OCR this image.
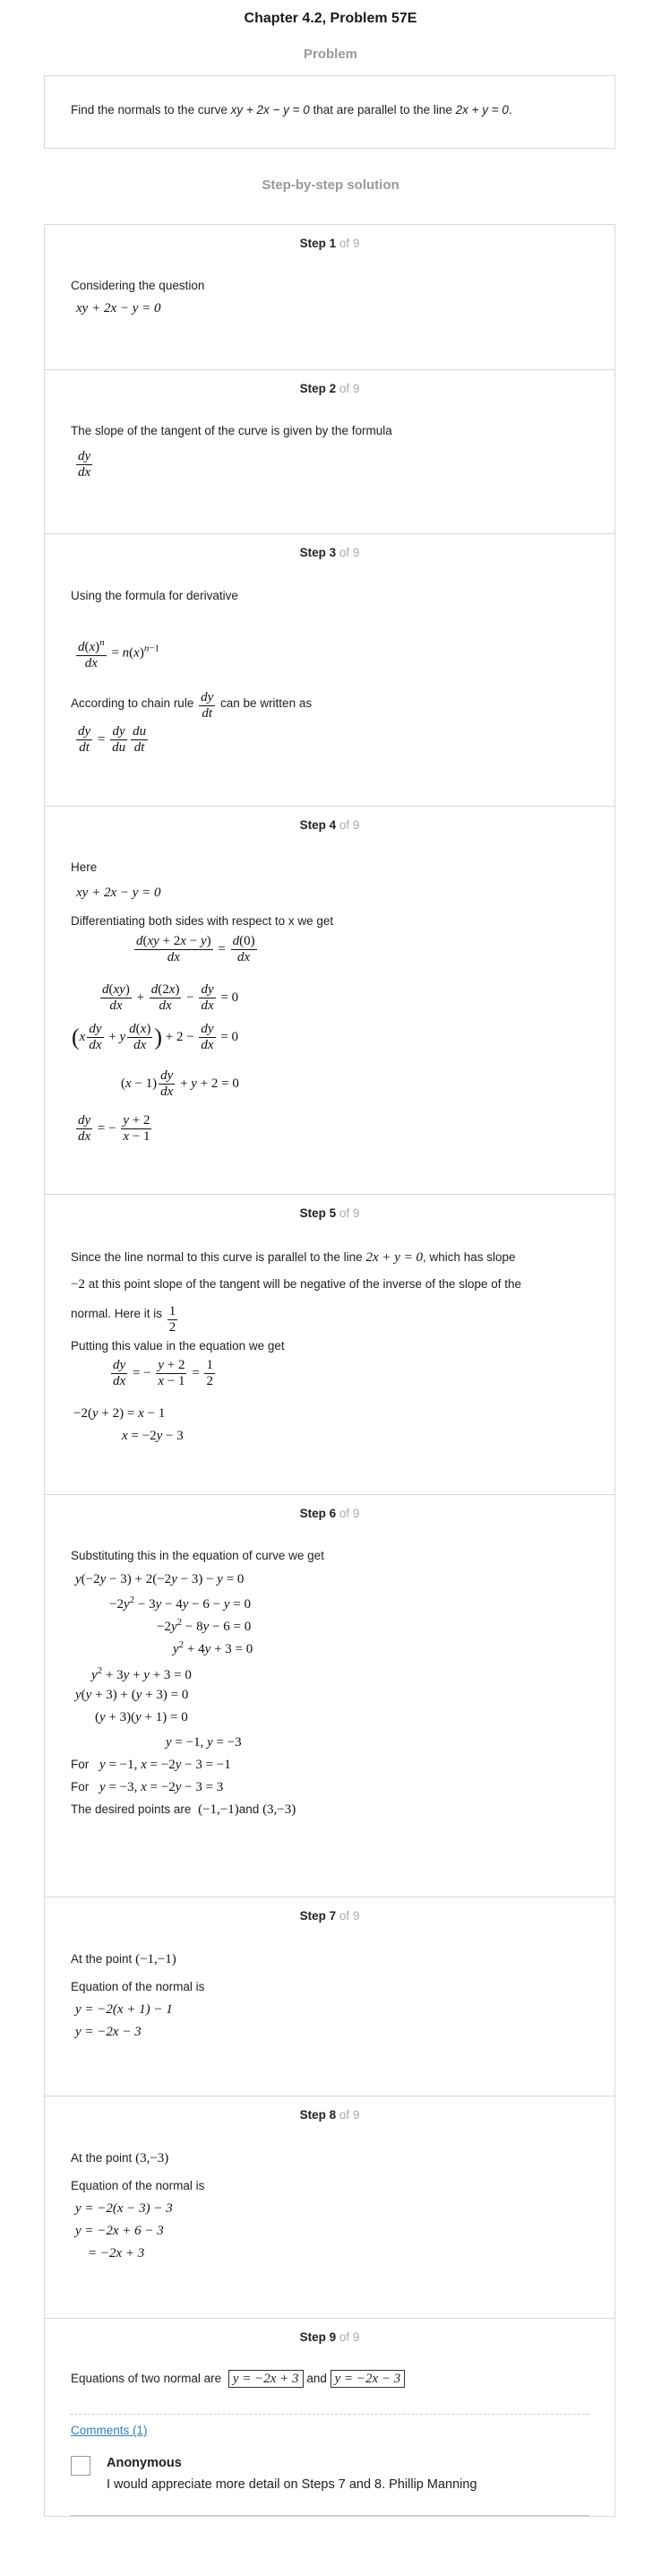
Chapter 4.2, Problem 57E
Problem
Find the normals to the curve xy + 2x − y = 0 that are parallel to the line 2x + y = 0.
Step-by-step solution
Step 1 of 9
Considering the question
xy + 2x − y = 0
Step 2 of 9
The slope of the tangent of the curve is given by the formula
$\frac{dy}{dx}$
Step 3 of 9
Using the formula for derivative
$\frac{d(x)^n}{dx} = n(x)^{n-1}$
According to chain rule $\frac{dy}{dt}$ can be written as
$\frac{dy}{dt} = \frac{dy}{du} \frac{du}{dt}$
Step 4 of 9
Here
xy + 2x − y = 0
Differentiating both sides with respect to x we get
$\frac{d(xy + 2x - y)}{dx} = \frac{d(0)}{dx}$
$\frac{d(xy)}{dx} + \frac{d(2x)}{dx} - \frac{dy}{dx} = 0$
($x \frac{dy}{dx} + y \frac{d(x)}{dx}$ ) + $2 - \frac{dy}{dx} = 0$
$(x - 1) \frac{dy}{dx} + y + 2 = 0$
$\frac{dy}{dx}$ = − $\frac{y + 2}{x - 1}$
Step 5 of 9
Since the line normal to this curve is parallel to the line 2x + y = 0, which has slope
−2 at this point slope of the tangent will be negative of the inverse of the slope of the
normal. Here it is $\frac{1}{2}$
Putting this value in the equation we get
$\frac{dy}{dx}$ = − $\frac{y + 2}{x - 1} = \frac{1}{2}$
−2(y + 2) = x − 1
x = −2y − 3
Step 6 of 9
Substituting this in the equation of curve we get
y(−2y − 3) + 2(−2y − 3) − y = 0
$-2y^2 - 3y - 4y - 6 - y = 0$
$-2y^2 - 8y - 6 = 0$
$y^2 + 4y + 3 = 0$
$y^2 + 3y + y + 3 = 0$
y(y + 3) + (y + 3) = 0
(y + 3)(y + 1) = 0
y = −1, y = −3
For y = −1, x = −2y − 3 = −1
For y = −3, x = −2y − 3 = 3
The desired points are (−1,−1)and (3,−3)
Step 7 of 9
At the point (−1,−1)
Equation of the normal is
y = −2(x + 1) − 1
y = −2x − 3
Step 8 of 9
At the point (3,−3)
Equation of the normal is
y = −2(x − 3) − 3
y = −2x + 6 − 3
= −2x + 3
Step 9 of 9
Equations of two normal are y = −2x + 3 and y = −2x − 3
Comments (1)
Anonymous
I would appreciate more detail on Steps 7 and 8. Phillip Manning
